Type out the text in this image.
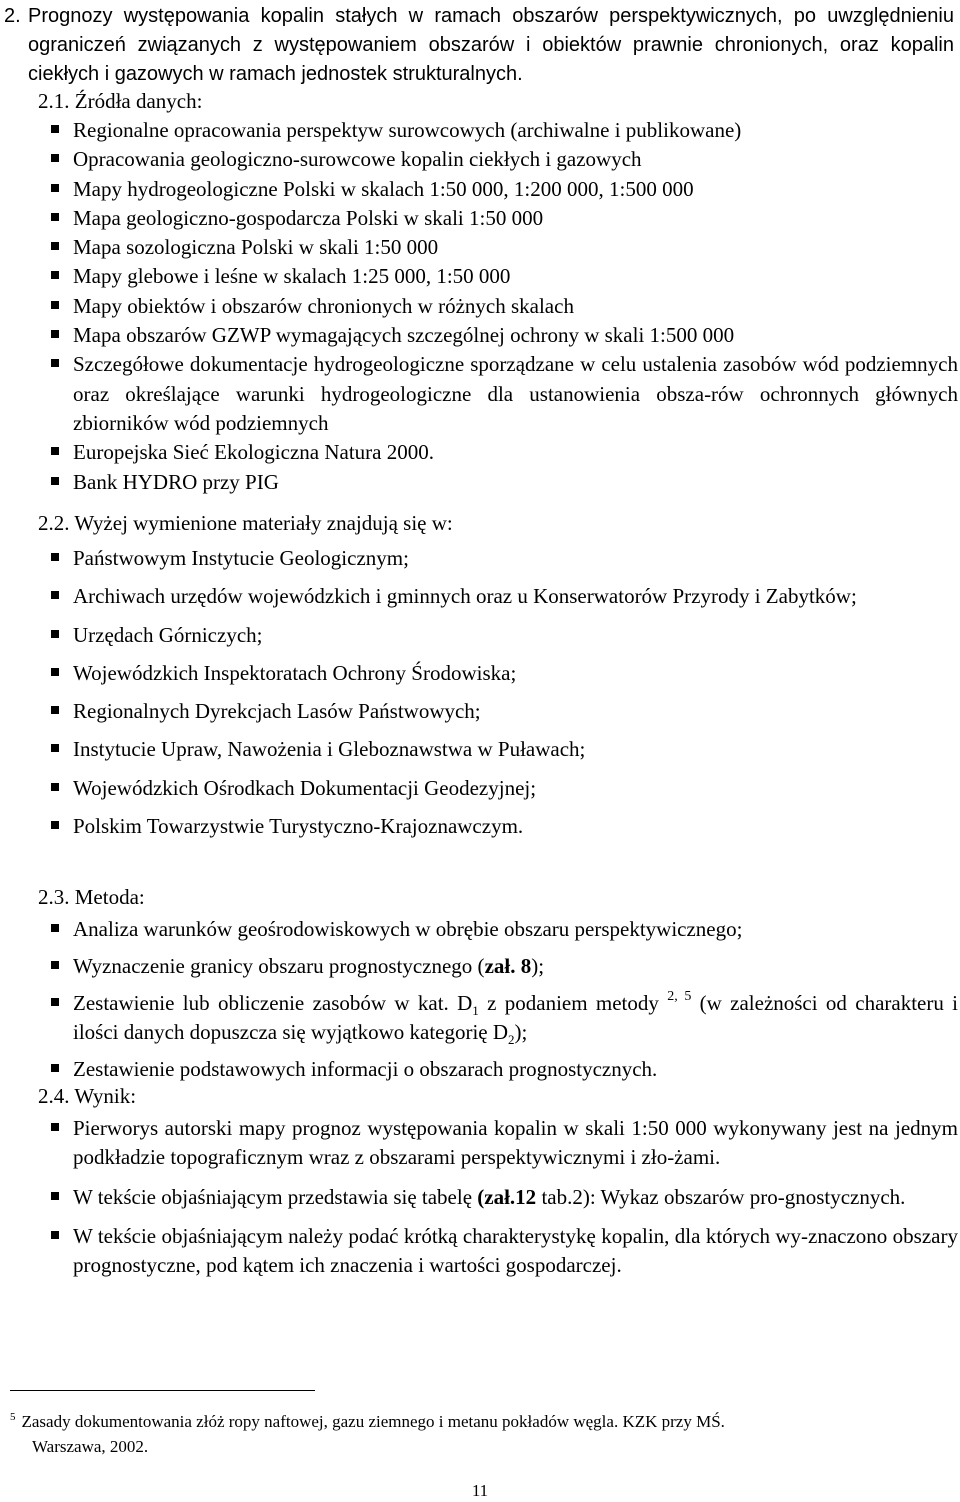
2. Prognozy występowania kopalin stałych w ramach obszarów perspektywicznych, po uwzględnieniu ograniczeń związanych z występowaniem obszarów i obiektów prawnie chronionych, oraz kopalin ciekłych i gazowych w ramach jednostek strukturalnych.

2.1. Źródła danych:
Regionalne opracowania perspektyw surowcowych (archiwalne i publikowane)
Opracowania geologiczno-surowcowe kopalin ciekłych i gazowych
Mapy hydrogeologiczne Polski w skalach 1:50 000, 1:200 000, 1:500 000
Mapa geologiczno-gospodarcza Polski w skali 1:50 000
Mapa sozologiczna Polski w skali 1:50 000
Mapy glebowe i leśne w skalach 1:25 000, 1:50 000
Mapy obiektów i obszarów chronionych w różnych skalach
Mapa obszarów GZWP wymagających szczególnej ochrony w skali 1:500 000
Szczegółowe dokumentacje hydrogeologiczne sporządzane w celu ustalenia zasobów wód podziemnych oraz określające warunki hydrogeologiczne dla ustanowienia obsza-rów ochronnych głównych zbiorników wód podziemnych
Europejska Sieć Ekologiczna Natura 2000.
Bank HYDRO przy PIG
2.2. Wyżej wymienione materiały znajdują się w:
Państwowym Instytucie Geologicznym;
Archiwach urzędów wojewódzkich i gminnych oraz u Konserwatorów Przyrody i Zabytków;
Urzędach Górniczych;
Wojewódzkich Inspektoratach Ochrony Środowiska;
Regionalnych Dyrekcjach Lasów Państwowych;
Instytucie Upraw, Nawożenia i Gleboznawstwa w Puławach;
Wojewódzkich Ośrodkach Dokumentacji Geodezyjnej;
Polskim Towarzystwie Turystyczno-Krajoznawczym.
2.3. Metoda:
Analiza warunków geośrodowiskowych w obrębie obszaru perspektywicznego;
Wyznaczenie granicy obszaru prognostycznego (zał. 8);
Zestawienie lub obliczenie zasobów w kat. $D_1$ z podaniem metody $^{2, 5}$ (w zależności od charakteru i ilości danych dopuszcza się wyjątkowo kategorię $D_2$);
Zestawienie podstawowych informacji o obszarach prognostycznych.
2.4. Wynik:
Pierworys autorski mapy prognoz występowania kopalin w skali 1:50 000 wykonywany jest na jednym podkładzie topograficznym wraz z obszarami perspektywicznymi i zło-żami.
W tekście objaśniającym przedstawia się tabelę (zał.12 tab.2): Wykaz obszarów pro-gnostycznych.
W tekście objaśniającym należy podać krótką charakterystykę kopalin, dla których wy-znaczono obszary prognostyczne, pod kątem ich znaczenia i wartości gospodarczej.
$^5$ Zasady dokumentowania złóż ropy naftowej, gazu ziemnego i metanu pokładów węgla. KZK przy MŚ.
Warszawa, 2002.
11
